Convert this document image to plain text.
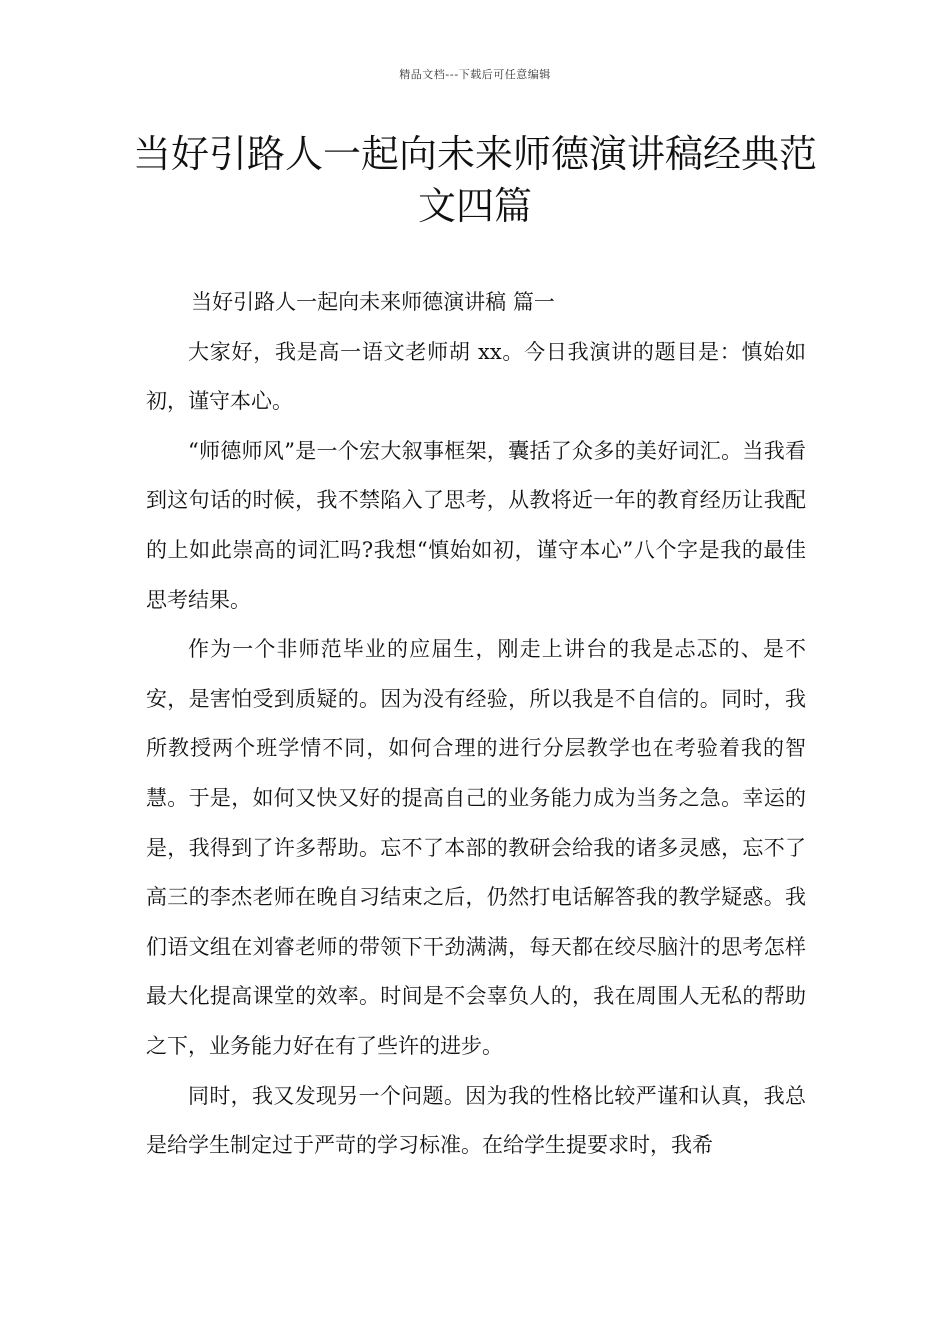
精品文档---下载后可任意编辑
当好引路人一起向未来师德演讲稿经典范文四篇

当好引路人一起向未来师德演讲稿 篇一

大家好，我是高一语文老师胡 xx。今日我演讲的题目是：慎始如初，谨守本心。

“师德师风”是一个宏大叙事框架，囊括了众多的美好词汇。当我看到这句话的时候，我不禁陷入了思考，从教将近一年的教育经历让我配的上如此崇高的词汇吗?我想“慎始如初，谨守本心”八个字是我的最佳思考结果。

作为一个非师范毕业的应届生，刚走上讲台的我是忐忑的、是不安，是害怕受到质疑的。因为没有经验，所以我是不自信的。同时，我所教授两个班学情不同，如何合理的进行分层教学也在考验着我的智慧。于是，如何又快又好的提高自己的业务能力成为当务之急。幸运的是，我得到了许多帮助。忘不了本部的教研会给我的诸多灵感，忘不了高三的李杰老师在晚自习结束之后，仍然打电话解答我的教学疑惑。我们语文组在刘睿老师的带领下干劲满满，每天都在绞尽脑汁的思考怎样最大化提高课堂的效率。时间是不会辜负人的，我在周围人无私的帮助之下，业务能力好在有了些许的进步。

同时，我又发现另一个问题。因为我的性格比较严谨和认真，我总是给学生制定过于严苛的学习标准。在给学生提要求时，我希
